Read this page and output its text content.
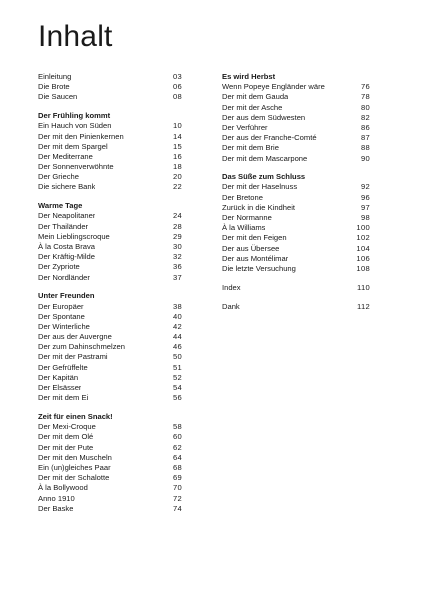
Inhalt
Einleitung	03
Die Brote	06
Die Saucen	08
Der Frühling kommt
Ein Hauch von Süden	10
Der mit den Pinienkernen	14
Der mit dem Spargel	15
Der Mediterrane	16
Der Sonnenverwöhnte	18
Der Grieche	20
Die sichere Bank	22
Warme Tage
Der Neapolitaner	24
Der Thailänder	28
Mein Lieblingscroque	29
À la Costa Brava	30
Der Kräftig-Milde	32
Der Zypriote	36
Der Nordländer	37
Unter Freunden
Der Europäer	38
Der Spontane	40
Der Winterliche	42
Der aus der Auvergne	44
Der zum Dahinschmelzen	46
Der mit der Pastrami	50
Der Gefrüffelte	51
Der Kapitän	52
Der Elsässer	54
Der mit dem Ei	56
Zeit für einen Snack!
Der Mexi-Croque	58
Der mit dem Olé	60
Der mit der Pute	62
Der mit den Muscheln	64
Ein (un)gleiches Paar	68
Der mit der Schalotte	69
À la Bollywood	70
Anno 1910	72
Der Baske	74
Es wird Herbst
Wenn Popeye Engländer wäre	76
Der mit dem Gauda	78
Der mit der Asche	80
Der aus dem Südwesten	82
Der Verführer	86
Der aus der Franche-Comté	87
Der mit dem Brie	88
Der mit dem Mascarpone	90
Das Süße zum Schluss
Der mit der Haselnuss	92
Der Bretone	96
Zurück in die Kindheit	97
Der Normanne	98
À la Williams	100
Der mit den Feigen	102
Der aus Übersee	104
Der aus Montélimar	106
Die letzte Versuchung	108
Index	110
Dank	112
